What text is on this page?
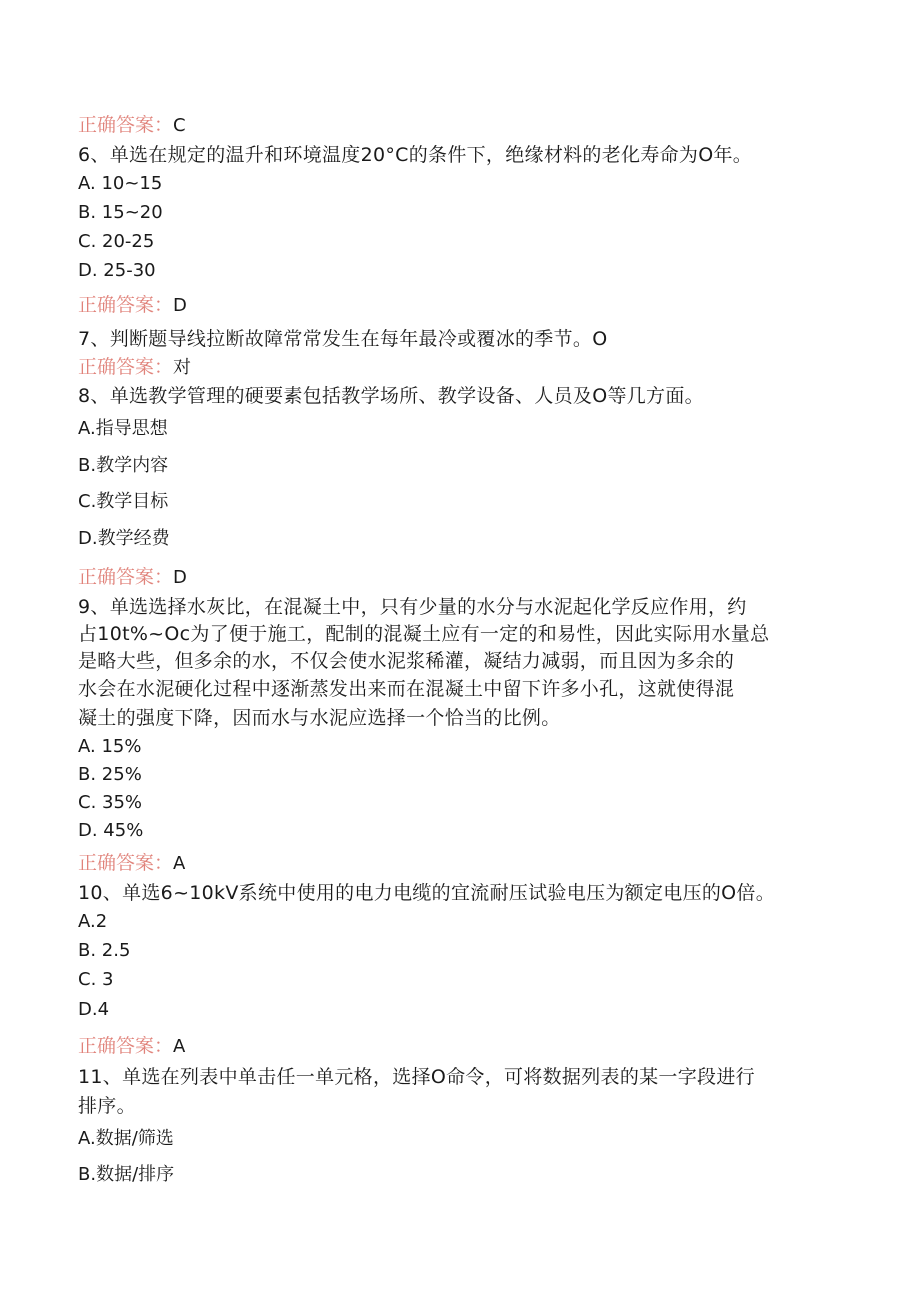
正确答案：C
6、单选在规定的温升和环境温度20°C的条件下，绝缘材料的老化寿命为O年。
A. 10~15
B. 15~20
C. 20-25
D. 25-30
正确答案：D
7、判断题导线拉断故障常常发生在每年最冷或覆冰的季节。O
正确答案：对
8、单选教学管理的硬要素包括教学场所、教学设备、人员及O等几方面。
A.指导思想
B.教学内容
C.教学目标
D.教学经费
正确答案：D
9、单选选择水灰比，在混凝土中，只有少量的水分与水泥起化学反应作用，约
占10t%~Oc为了便于施工，配制的混凝土应有一定的和易性，因此实际用水量总
是略大些，但多余的水，不仅会使水泥浆稀灌，凝结力减弱，而且因为多余的
水会在水泥硬化过程中逐渐蒸发出来而在混凝土中留下许多小孔，这就使得混
凝土的强度下降，因而水与水泥应选择一个恰当的比例。
A. 15%
B. 25%
C. 35%
D. 45%
正确答案：A
10、单选6~10kV系统中使用的电力电缆的宜流耐压试验电压为额定电压的O倍。
A.2
B. 2.5
C. 3
D.4
正确答案：A
11、单选在列表中单击任一单元格，选择O命令，可将数据列表的某一字段进行
排序。
A.数据/筛选
B.数据/排序
